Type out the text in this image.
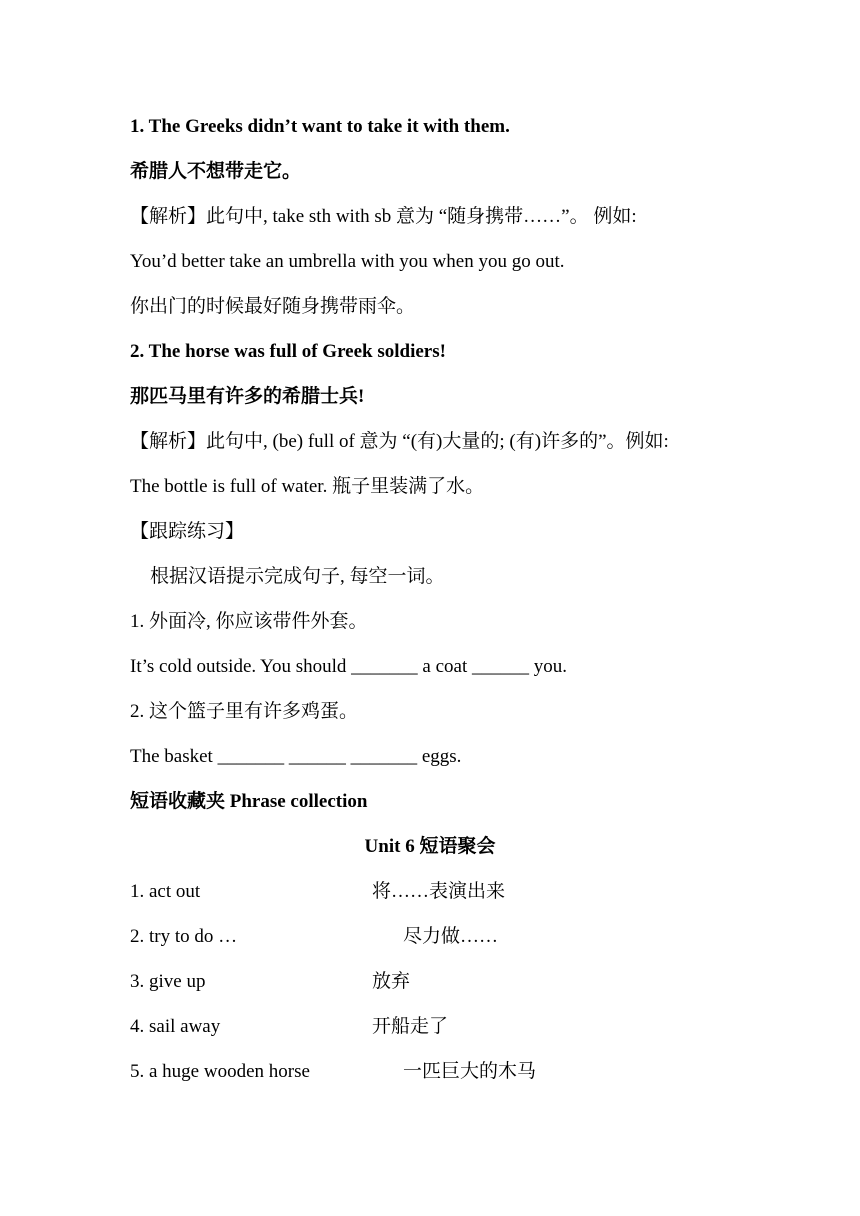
1. The Greeks didn’t want to take it with them.
希腊人不想带走它。
【解析】此句中, take sth with sb 意为 “随身携带……”。 例如:
You’d better take an umbrella with you when you go out.
你出门的时候最好随身携带雨伞。
2. The horse was full of Greek soldiers!
那匹马里有许多的希腊士兵!
【解析】此句中, (be) full of 意为 “(有)大量的; (有)许多的”。例如:
The bottle is full of water. 瓶子里装满了水。
【跟踪练习】
根据汉语提示完成句子, 每空一词。
1. 外面冷, 你应该带件外套。
It’s cold outside. You should _______ a coat ______ you.
2. 这个篮子里有许多鸡蛋。
The basket _______ ______ _______ eggs.
短语收藏夹 Phrase collection
Unit 6 短语聚会
1. act out	将……表演出来
2. try to do …	尽力做……
3. give up	放弃
4. sail away	开船走了
5. a huge wooden horse	一匹巨大的木马
